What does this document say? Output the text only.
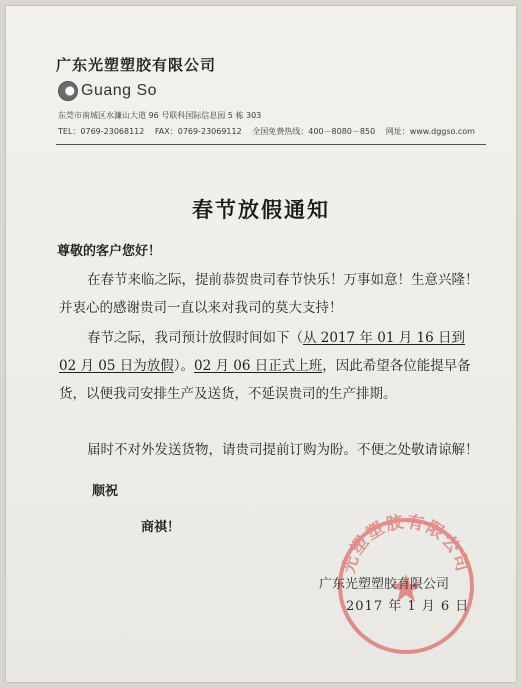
广东光塑塑胶有限公司
Guang So
东莞市南城区水濂山大道 96 号联科国际信息园 5 栋 303
TEL：0769-23068112 FAX：0769-23069112 全国免费热线：400－8080－850 网址：www.dggso.com
春节放假通知
尊敬的客户您好！
在春节来临之际，提前恭贺贵司春节快乐！万事如意！生意兴隆！并衷心的感谢贵司一直以来对我司的莫大支持！
春节之际，我司预计放假时间如下（从 2017 年 01 月 16 日到 02 月 05 日为放假）。02 月 06 日正式上班，因此希望各位能提早备货，以便我司安排生产及送货，不延误贵司的生产排期。
届时不对外发送货物，请贵司提前订购为盼。不便之处敬请谅解！
顺祝
商祺！
光塑塑胶有限公司
广东光塑塑胶有限公司
2017 年 1 月 6 日
